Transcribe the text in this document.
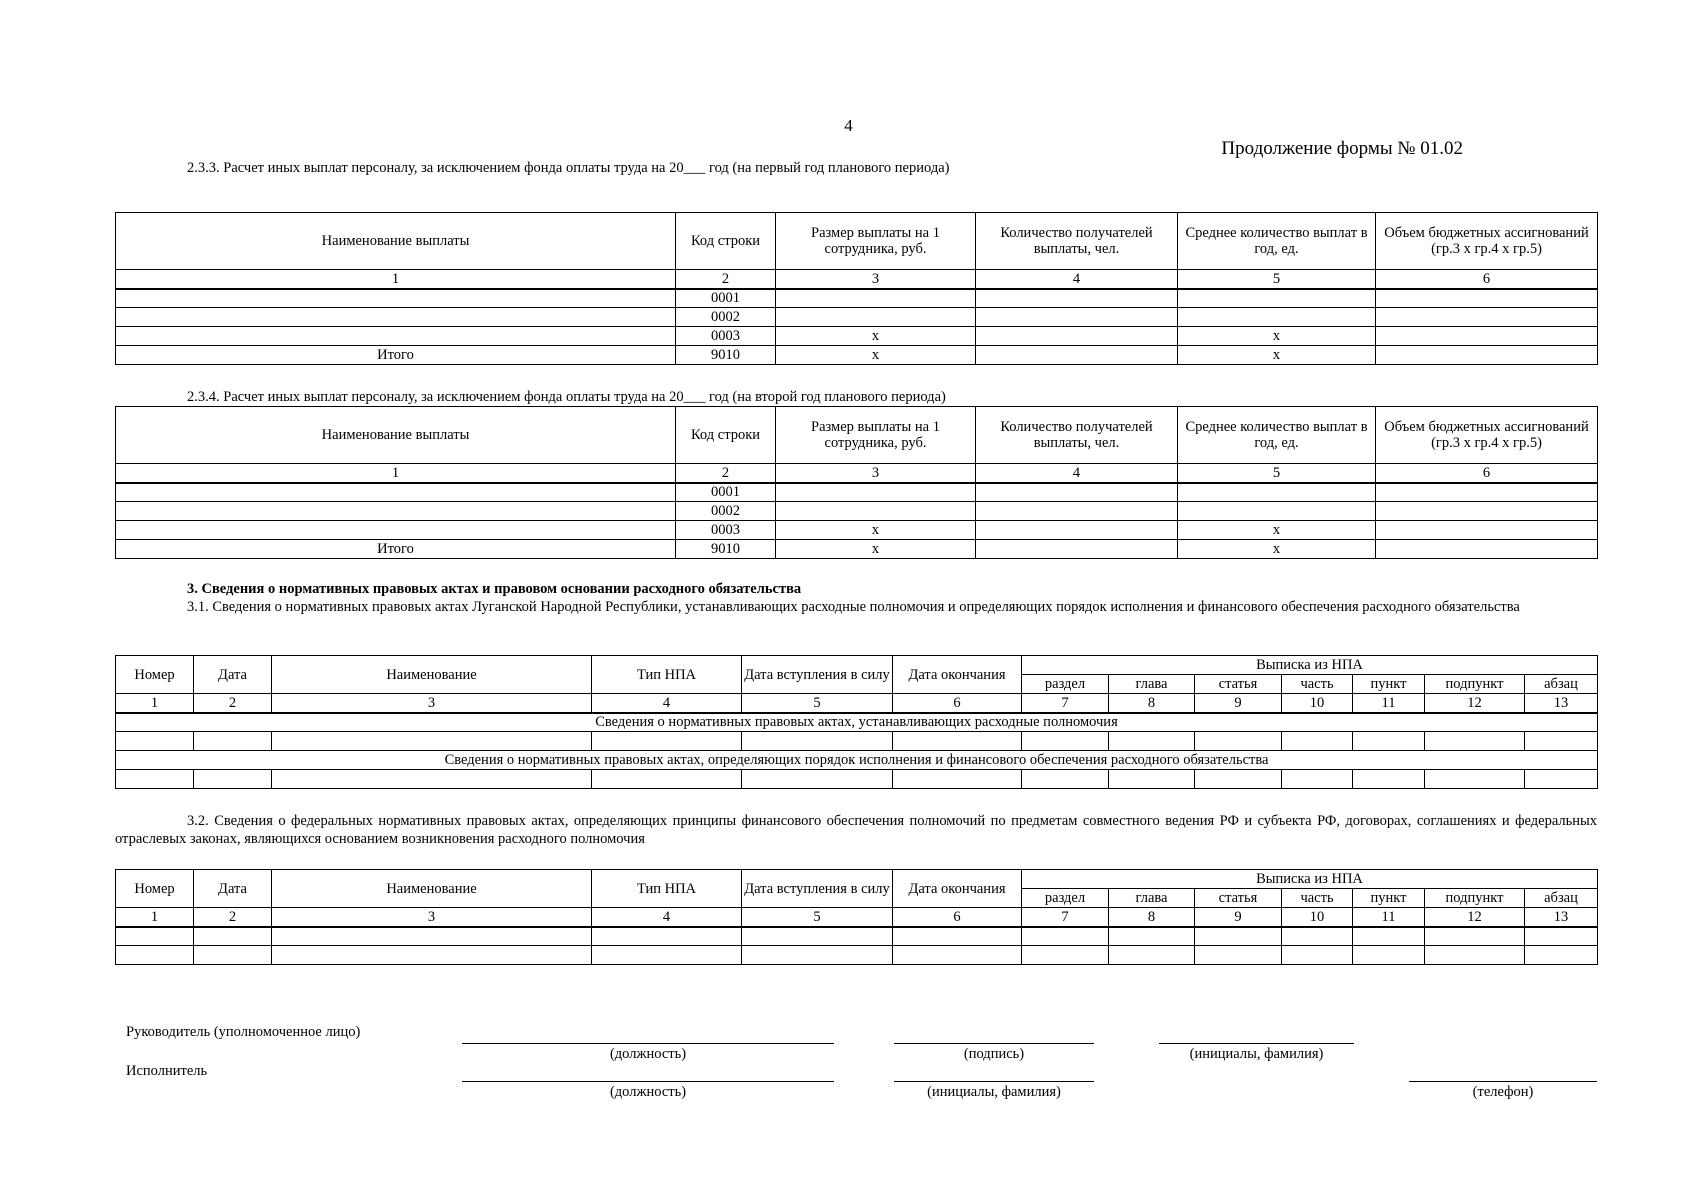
4
Продолжение формы № 01.02
2.3.3. Расчет иных выплат персоналу, за исключением фонда оплаты труда на 20___ год (на первый год планового периода)
Наименование выплаты	Код строки	Размер выплаты на 1 сотрудника, руб.	Количество получателей выплаты, чел.	Среднее количество выплат в год, ед.	Объем бюджетных ассигнований (гр.3 х гр.4 х гр.5)
1	2	3	4	5	6
	0001				
	0002				
	0003	х		х	
Итого	9010	х		х	
2.3.4. Расчет иных выплат персоналу, за исключением фонда оплаты труда на 20___ год (на второй год планового периода)
Наименование выплаты	Код строки	Размер выплаты на 1 сотрудника, руб.	Количество получателей выплаты, чел.	Среднее количество выплат в год, ед.	Объем бюджетных ассигнований (гр.3 х гр.4 х гр.5)
1	2	3	4	5	6
	0001				
	0002				
	0003	х		х	
Итого	9010	х		х	
3. Сведения о нормативных правовых актах и правовом основании расходного обязательства
3.1. Сведения о нормативных правовых актах Луганской Народной Республики, устанавливающих расходные полномочия и определяющих порядок исполнения и финансового обеспечения расходного обязательства
Номер	Дата	Наименование	Тип НПА	Дата вступления в силу	Дата окончания	Выписка из НПА						
						раздел	глава	статья	часть	пункт	подпункт	абзац
1	2	3	4	5	6	7	8	9	10	11	12	13
Сведения о нормативных правовых актах, устанавливающих расходные полномочия												

Сведения о нормативных правовых актах, определяющих порядок исполнения и финансового обеспечения расходного обязательства												

3.2. Сведения о федеральных нормативных правовых актах, определяющих принципы финансового обеспечения полномочий по предметам совместного ведения РФ и субъекта РФ, договорах, соглашениях и федеральных отраслевых законах, являющихся основанием возникновения расходного полномочия
Номер	Дата	Наименование	Тип НПА	Дата вступления в силу	Дата окончания	Выписка из НПА						
						раздел	глава	статья	часть	пункт	подпункт	абзац
1	2	3	4	5	6	7	8	9	10	11	12	13

Руководитель (уполномоченное лицо)
(должность)	(подпись)	(инициалы, фамилия)
Исполнитель
(должность)	(инициалы, фамилия)	(телефон)
